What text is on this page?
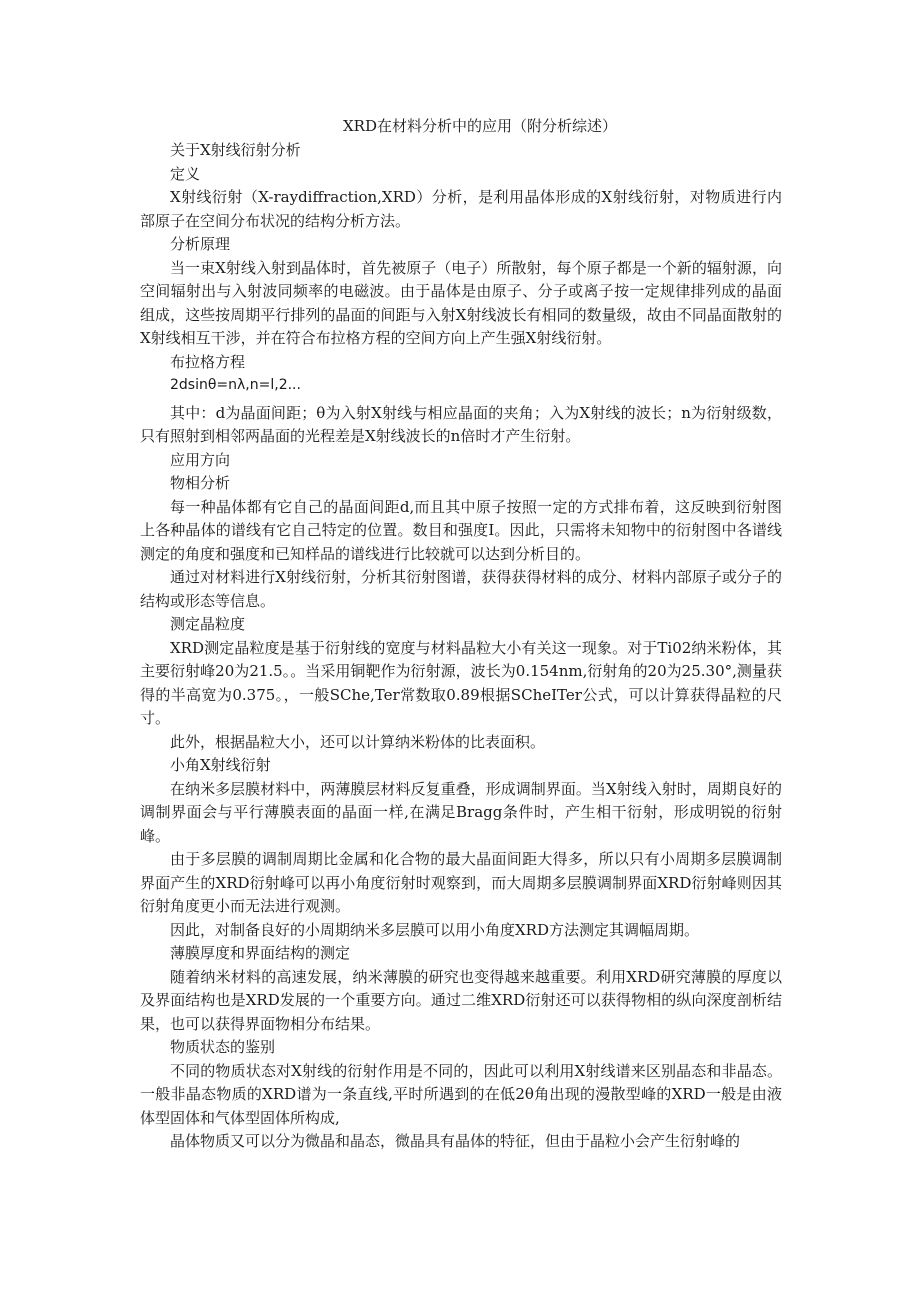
XRD在材料分析中的应用（附分析综述）

关于X射线衍射分析

定义

X射线衍射（X-raydiffraction,XRD）分析，是利用晶体形成的X射线衍射，对物质进行内部原子在空间分布状况的结构分析方法。

分析原理

当一束X射线入射到晶体时，首先被原子（电子）所散射，每个原子都是一个新的辐射源，向空间辐射出与入射波同频率的电磁波。由于晶体是由原子、分子或离子按一定规律排列成的晶面组成，这些按周期平行排列的晶面的间距与入射X射线波长有相同的数量级，故由不同晶面散射的X射线相互干涉，并在符合布拉格方程的空间方向上产生强X射线衍射。

布拉格方程

2dsinθ=nλ,n=l,2...

其中：d为晶面间距；θ为入射X射线与相应晶面的夹角；入为X射线的波长；n为衍射级数，只有照射到相邻两晶面的光程差是X射线波长的n倍时才产生衍射。

应用方向

物相分析

每一种晶体都有它自己的晶面间距d,而且其中原子按照一定的方式排布着，这反映到衍射图上各种晶体的谱线有它自己特定的位置。数目和强度I。因此，只需将未知物中的衍射图中各谱线测定的角度和强度和已知样品的谱线进行比较就可以达到分析目的。

通过对材料进行X射线衍射，分析其衍射图谱，获得获得材料的成分、材料内部原子或分子的结构或形态等信息。

测定晶粒度

XRD测定晶粒度是基于衍射线的宽度与材料晶粒大小有关这一现象。对于Ti02纳米粉体，其主要衍射峰20为21.5。。当采用铜靶作为衍射源，波长为0.154nm,衍射角的20为25.30°,测量获得的半高宽为0.375。，一般SChe,Ter常数取0.89根据SCheITer公式，可以计算获得晶粒的尺寸。

此外，根据晶粒大小，还可以计算纳米粉体的比表面积。

小角X射线衍射

在纳米多层膜材料中，两薄膜层材料反复重叠，形成调制界面。当X射线入射时，周期良好的调制界面会与平行薄膜表面的晶面一样,在满足Bragg条件时，产生相干衍射，形成明锐的衍射峰。

由于多层膜的调制周期比金属和化合物的最大晶面间距大得多，所以只有小周期多层膜调制界面产生的XRD衍射峰可以再小角度衍射时观察到，而大周期多层膜调制界面XRD衍射峰则因其衍射角度更小而无法进行观测。

因此，对制备良好的小周期纳米多层膜可以用小角度XRD方法测定其调幅周期。

薄膜厚度和界面结构的测定

随着纳米材料的高速发展，纳米薄膜的研究也变得越来越重要。利用XRD研究薄膜的厚度以及界面结构也是XRD发展的一个重要方向。通过二维XRD衍射还可以获得物相的纵向深度剖析结果，也可以获得界面物相分布结果。

物质状态的鉴别

不同的物质状态对X射线的衍射作用是不同的，因此可以利用X射线谱来区别晶态和非晶态。一般非晶态物质的XRD谱为一条直线,平时所遇到的在低2θ角出现的漫散型峰的XRD一般是由液体型固体和气体型固体所构成,

晶体物质又可以分为微晶和晶态，微晶具有晶体的特征，但由于晶粒小会产生衍射峰的
